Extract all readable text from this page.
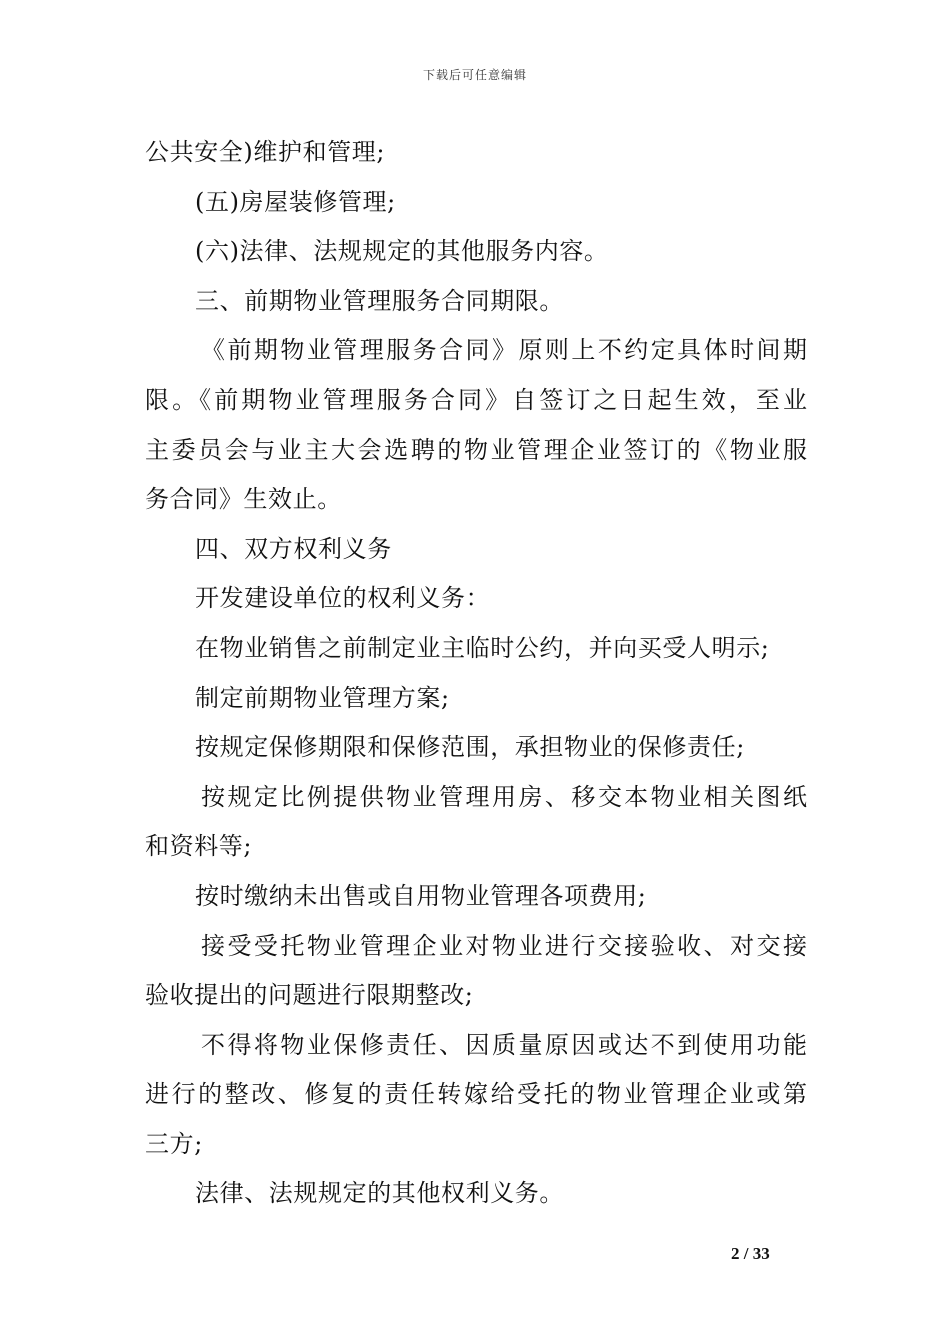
下载后可任意编辑
公共安全)维护和管理;
(五)房屋装修管理;
(六)法律、法规规定的其他服务内容。
三、前期物业管理服务合同期限。
《前期物业管理服务合同》原则上不约定具体时间期
限。《前期物业管理服务合同》自签订之日起生效，至业
主委员会与业主大会选聘的物业管理企业签订的《物业服
务合同》生效止。
四、双方权利义务
开发建设单位的权利义务：
在物业销售之前制定业主临时公约，并向买受人明示;
制定前期物业管理方案;
按规定保修期限和保修范围，承担物业的保修责任;
按规定比例提供物业管理用房、移交本物业相关图纸
和资料等;
按时缴纳未出售或自用物业管理各项费用;
接受受托物业管理企业对物业进行交接验收、对交接
验收提出的问题进行限期整改;
不得将物业保修责任、因质量原因或达不到使用功能
进行的整改、修复的责任转嫁给受托的物业管理企业或第
三方;
法律、法规规定的其他权利义务。
2 / 33
